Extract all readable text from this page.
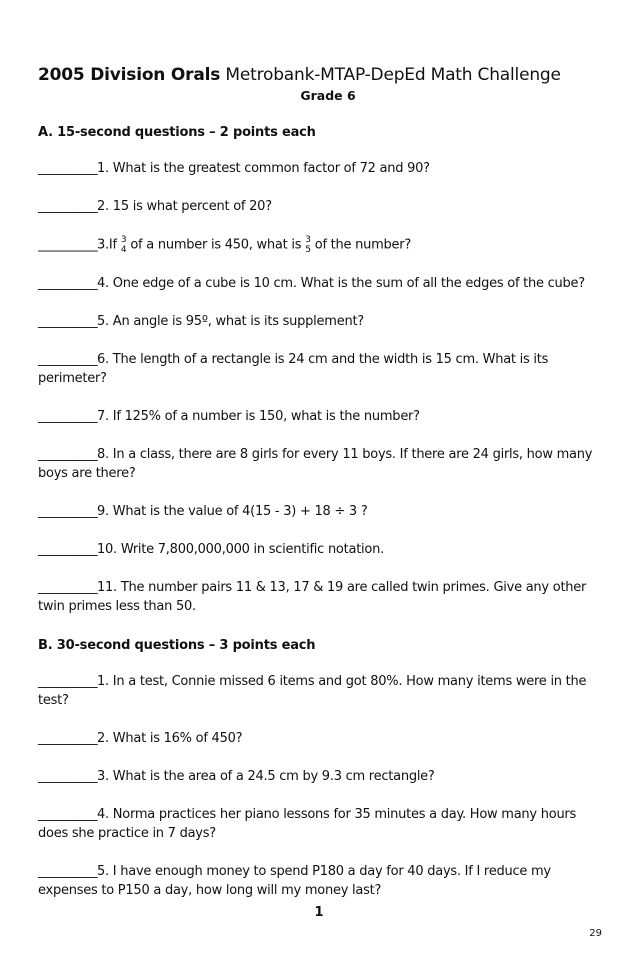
2005 Division Orals Metrobank-MTAP-DepEd Math Challenge
Grade 6
A. 15-second questions – 2 points each
__________1. What is the greatest common factor of 72 and 90?
__________2. 15 is what percent of 20?
__________3.If 3
4 of a number is 450, what is 3
5 of the number?
__________4. One edge of a cube is 10 cm. What is the sum of all the edges of the cube?
__________5. An angle is 95º, what is its supplement?
__________6. The length of a rectangle is 24 cm and the width is 15 cm. What is its perimeter?
__________7. If 125% of a number is 150, what is the number?
__________8. In a class, there are 8 girls for every 11 boys. If there are 24 girls, how many boys are there?
__________9. What is the value of 4(15 - 3) + 18 ÷ 3 ?
__________10. Write 7,800,000,000 in scientific notation.
__________11. The number pairs 11 & 13, 17 & 19 are called twin primes. Give any other twin primes less than 50.
B. 30-second questions – 3 points each
__________1. In a test, Connie missed 6 items and got 80%. How many items were in the test?
__________2. What is 16% of 450?
__________3. What is the area of a 24.5 cm by 9.3 cm rectangle?
__________4. Norma practices her piano lessons for 35 minutes a day. How many hours does she practice in 7 days?
__________5. I have enough money to spend P180 a day for 40 days. If I reduce my expenses to P150 a day, how long will my money last?
1
29
